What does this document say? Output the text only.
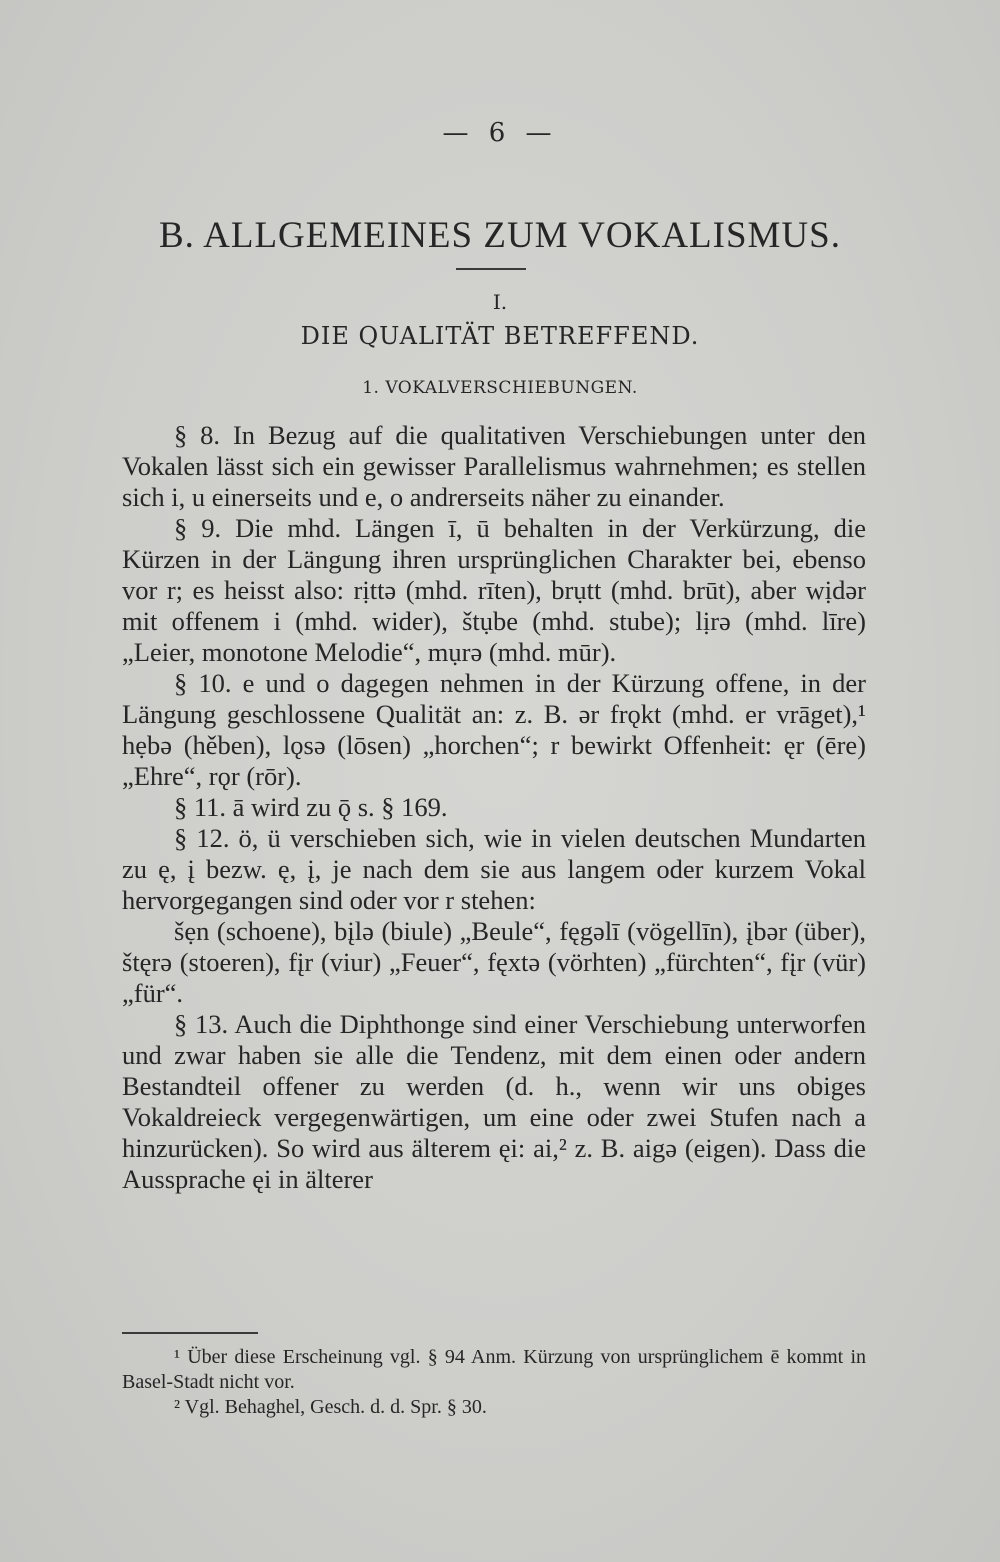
— 6 —
B. ALLGEMEINES ZUM VOKALISMUS.
I.
DIE QUALITÄT BETREFFEND.
1. VOKALVERSCHIEBUNGEN.

§ 8. In Bezug auf die qualitativen Verschiebungen unter den Vokalen lässt sich ein gewisser Parallelismus wahrnehmen; es stellen sich i, u einerseits und e, o andrerseits näher zu einander.

§ 9. Die mhd. Längen ī, ū behalten in der Verkürzung, die Kürzen in der Längung ihren ursprünglichen Charakter bei, ebenso vor r; es heisst also: rịttə (mhd. rīten), brụtt (mhd. brūt), aber wịdər mit offenem i (mhd. wider), štụbe (mhd. stube); lịrə (mhd. līre) „Leier, monotone Melodie“, mụrə (mhd. mūr).

§ 10. e und o dagegen nehmen in der Kürzung offene, in der Längung geschlossene Qualität an: z. B. ər frǫkt (mhd. er vrāget),¹ hẹbə (hěben), lǫsə (lōsen) „horchen“; r bewirkt Offenheit: ęr (ēre) „Ehre“, rǫr (rōr).

§ 11. ā wird zu ǭ s. § 169.

§ 12. ö, ü verschieben sich, wie in vielen deutschen Mundarten zu ę, į bezw. ę, į, je nach dem sie aus langem oder kurzem Vokal hervorgegangen sind oder vor r stehen:

šẹn (schoene), bįlə (biule) „Beule“, fęgəlī (vögellīn), įbər (über), štęrə (stoeren), fįr (viur) „Feuer“, fęxtə (vörhten) „fürchten“, fįr (vür) „für“.

§ 13. Auch die Diphthonge sind einer Verschiebung unterworfen und zwar haben sie alle die Tendenz, mit dem einen oder andern Bestandteil offener zu werden (d. h., wenn wir uns obiges Vokaldreieck vergegenwärtigen, um eine oder zwei Stufen nach a hinzurücken). So wird aus älterem ęi: ai,² z. B. aigə (eigen). Dass die Aussprache ęi in älterer

¹ Über diese Erscheinung vgl. § 94 Anm. Kürzung von ursprünglichem ē kommt in Basel-Stadt nicht vor.

² Vgl. Behaghel, Gesch. d. d. Spr. § 30.
